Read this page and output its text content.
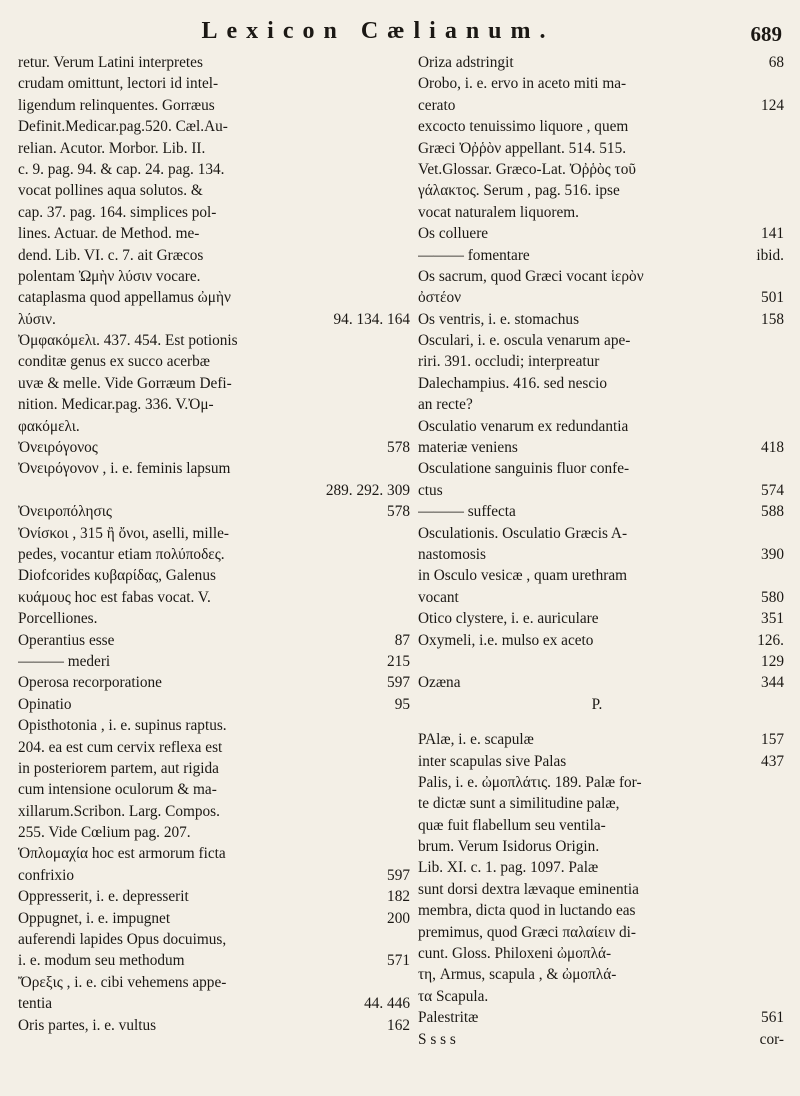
Lexicon Cælianum.	689
retur. Verum Latini interpretes
crudam omittunt, lectori id intel-
ligendum relinquentes. Gorræus
Definit.Medicar.pag.520. Cæl.Au-
relian. Acutor. Morbor. Lib. II.
c. 9. pag. 94. & cap. 24. pag. 134.
vocat pollines aqua solutos. &
cap. 37. pag. 164. simplices pol-
lines. Actuar. de Method. me-
dend. Lib. VI. c. 7. ait Græcos
polentam Ὠμὴν λύσιν vocare.
cataplasma quod appellamus ὠμὴν
λύσιν.	94. 134. 164
Ὀμφακόμελι. 437. 454. Est potionis
conditæ genus ex succo acerbæ
uvæ & melle. Vide Gorræum Defi-
nition. Medicar.pag. 336. V.Ὀμ-
φακόμελι.
Ὀνειρόγονος	578
Ὀνειρόγονον , i. e. feminis lapsum
289. 292. 309
Ὀνειροπόλησις	578
Ὀνίσκοι , 315 ἢ ὄνοι, aselli, mille-
pedes, vocantur etiam πολύποδες.
Diofcorides κυβαρίδας, Galenus
κυάμους hoc est fabas vocat. V.
Porcelliones.
Operantius esse	87
——— mederi	215
Operosa recorporatione	597
Opinatio	95
Opisthotonia , i. e. supinus raptus.
204. ea est cum cervix reflexa est
in posteriorem partem, aut rigida
cum intensione oculorum & ma-
xillarum.Scribon. Larg. Compos.
255. Vide Cœlium pag. 207.
Ὁπλομαχία hoc est armorum ficta
confrixio	597
Oppresserit, i. e. depresserit	182
Oppugnet, i. e. impugnet	200
auferendi lapides Opus docuimus,
i. e. modum seu methodum	571
Ὄρεξις , i. e. cibi vehemens appe-
tentia	44. 446
Oris partes, i. e. vultus	162
Oriza adstringit	68
Orobo, i. e. ervo in aceto miti ma-
cerato	124
excocto tenuissimo liquore , quem
Græci Ὀῤῥὸν appellant. 514. 515.
Vet.Glossar. Græco-Lat. Ὀῤῥὸς τοῦ
γάλακτος. Serum , pag. 516. ipse
vocat naturalem liquorem.
Os colluere	141
——— fomentare	ibid.
Os sacrum, quod Græci vocant ἱερὸν
ὀστέον	501
Os ventris, i. e. stomachus	158
Osculari, i. e. oscula venarum ape-
riri. 391. occludi; interpreatur
Dalechampius. 416. sed nescio
an recte?
Osculatio venarum ex redundantia
materiæ veniens	418
Osculatione sanguinis fluor confe-
ctus	574
——— suffecta	588
Osculationis. Osculatio Græcis A-
nastomosis	390
in Osculo vesicæ , quam urethram
vocant	580
Otico clystere, i. e. auriculare	351
Oxymeli, i.e. mulso ex aceto	126.
129
Ozæna	344
P.
PAlæ, i. e. scapulæ	157
inter scapulas sive Palas	437
Palis, i. e. ὠμοπλάτις. 189. Palæ for-
te dictæ sunt a similitudine palæ,
quæ fuit flabellum seu ventila-
brum. Verum Isidorus Origin.
Lib. XI. c. 1. pag. 1097. Palæ
sunt dorsi dextra lævaque eminentia
membra, dicta quod in luctando eas
premimus, quod Græci παλαίειν di-
cunt. Gloss. Philoxeni ὠμοπλά-
τη, Armus, scapula , & ὠμοπλά-
τα Scapula.
Palestritæ	561
S s s s	cor-
